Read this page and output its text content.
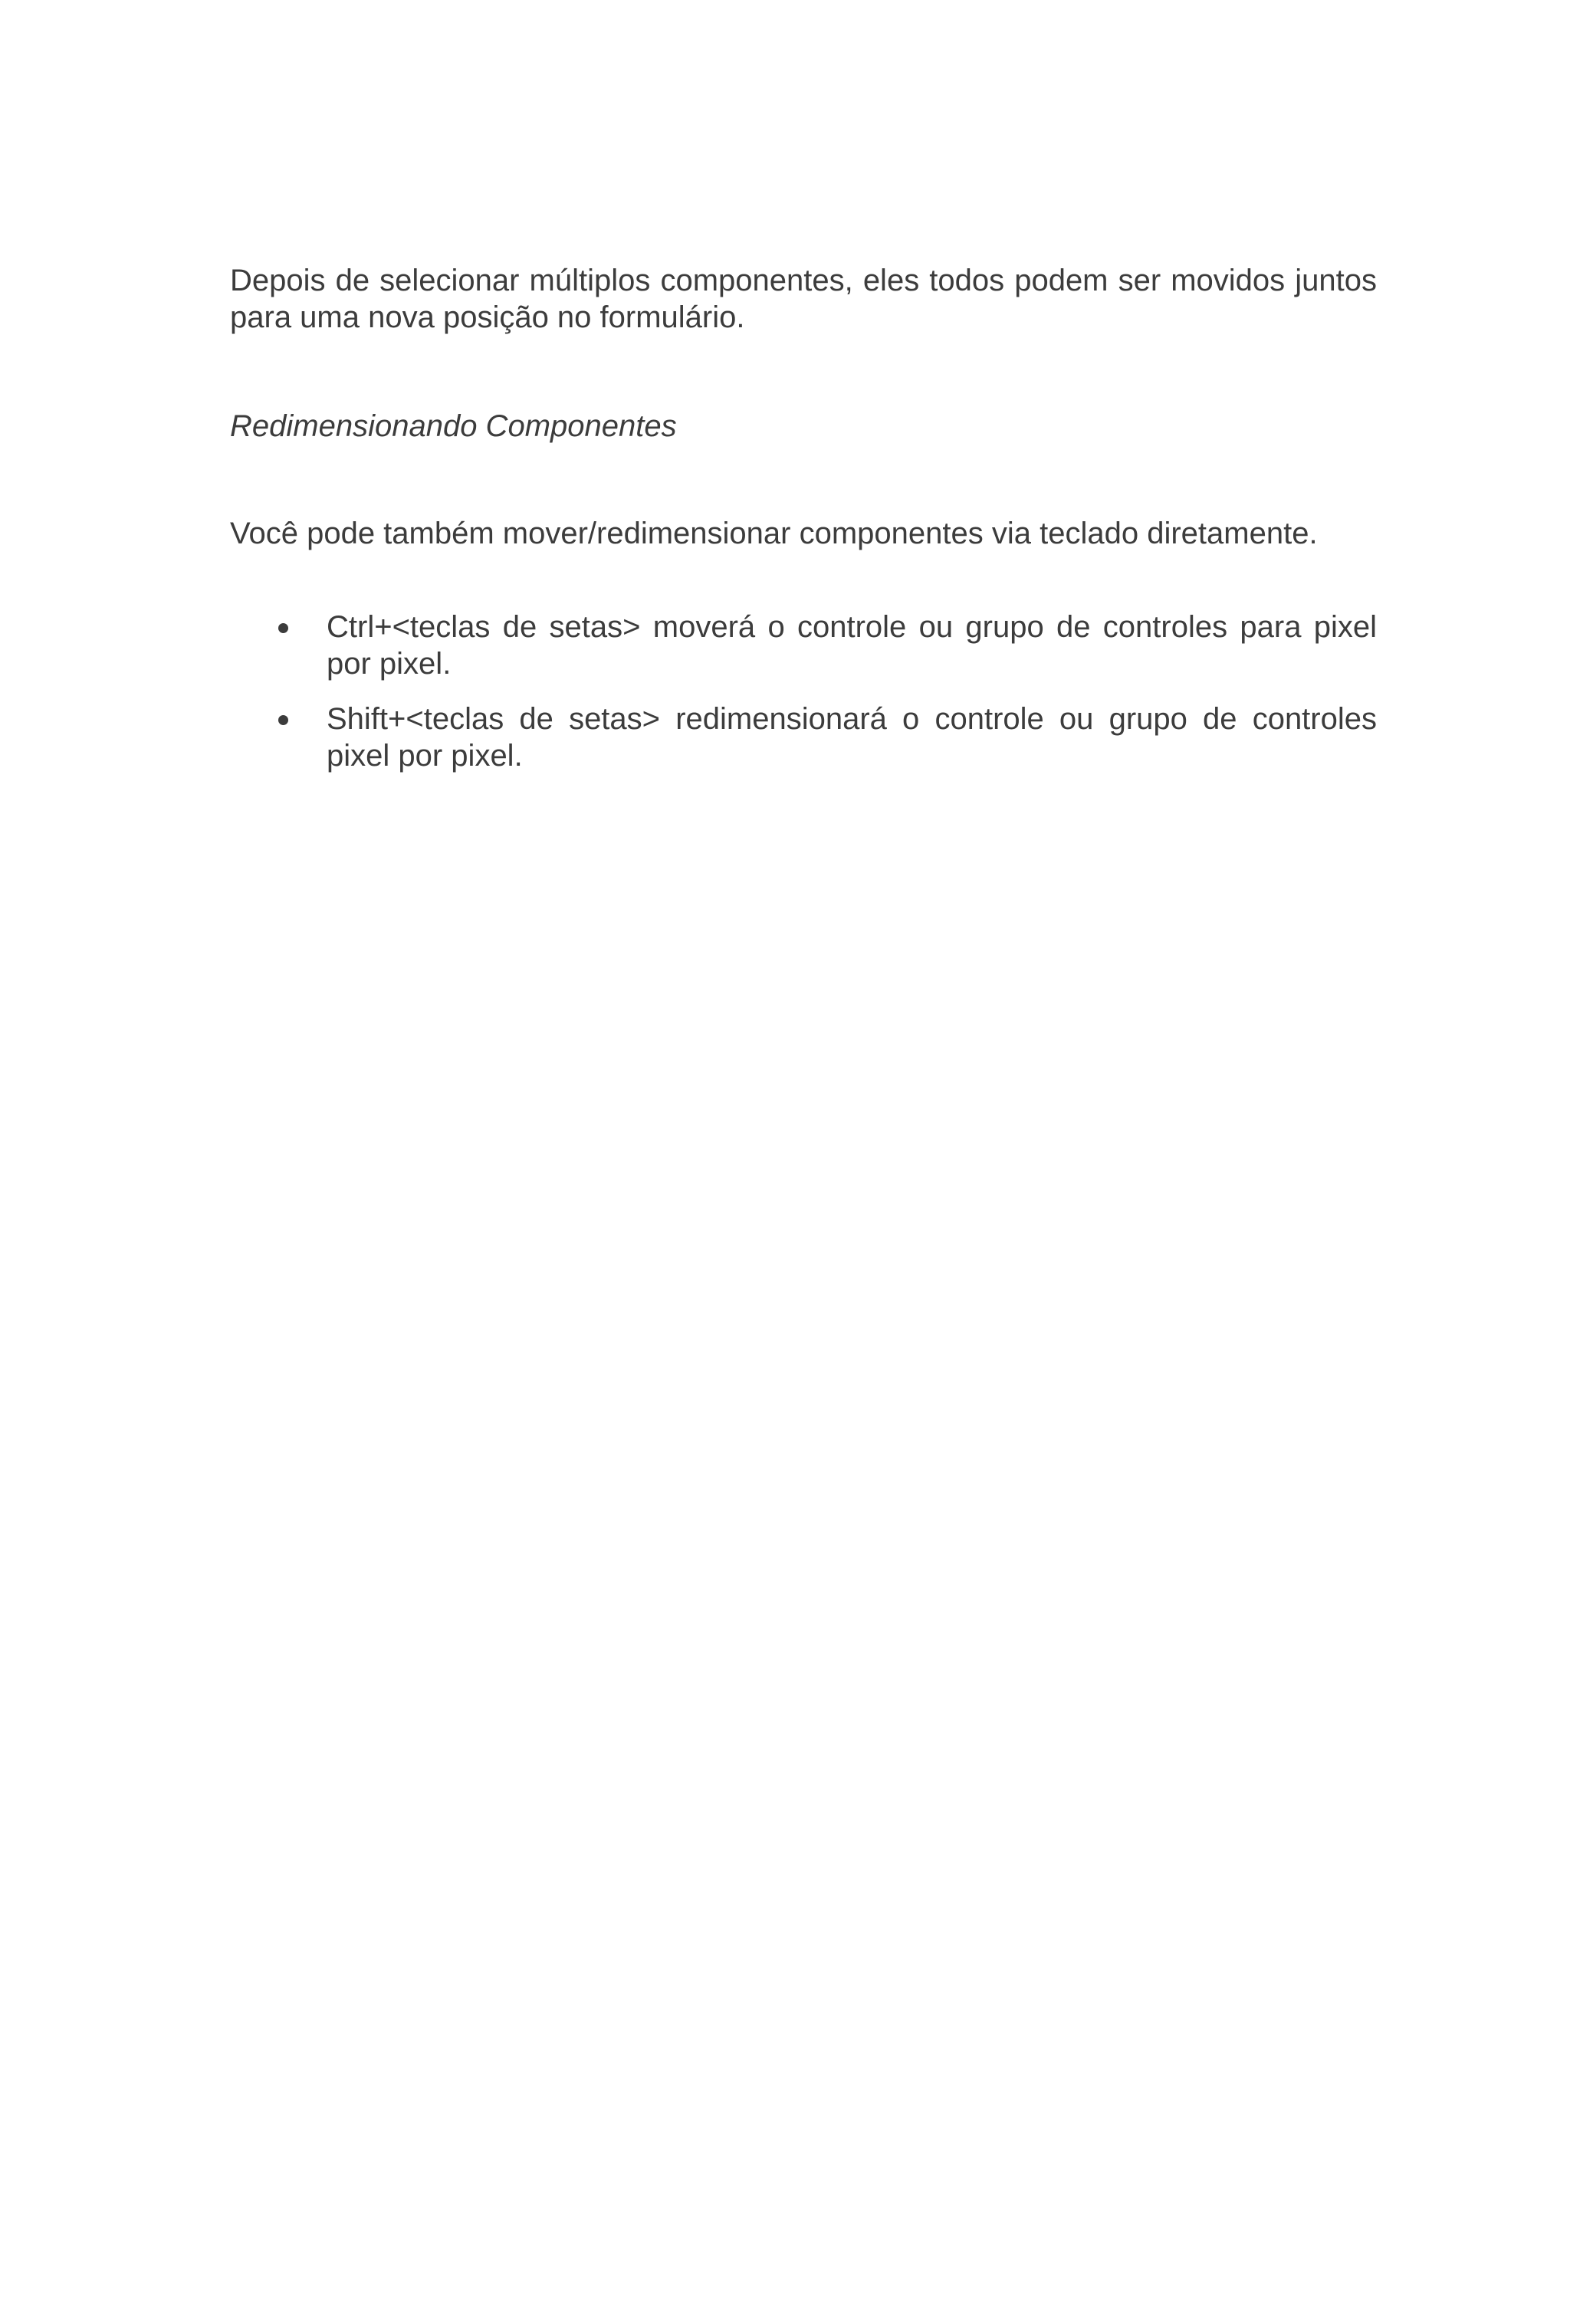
Depois de selecionar múltiplos componentes, eles todos podem ser movidos juntos para uma nova posição no formulário.

Redimensionando Componentes

Você pode também mover/redimensionar componentes via teclado diretamente.

Ctrl+<teclas de setas> moverá o controle ou grupo de controles para pixel por pixel.
Shift+<teclas de setas> redimensionará o controle ou grupo de controles pixel por pixel.
